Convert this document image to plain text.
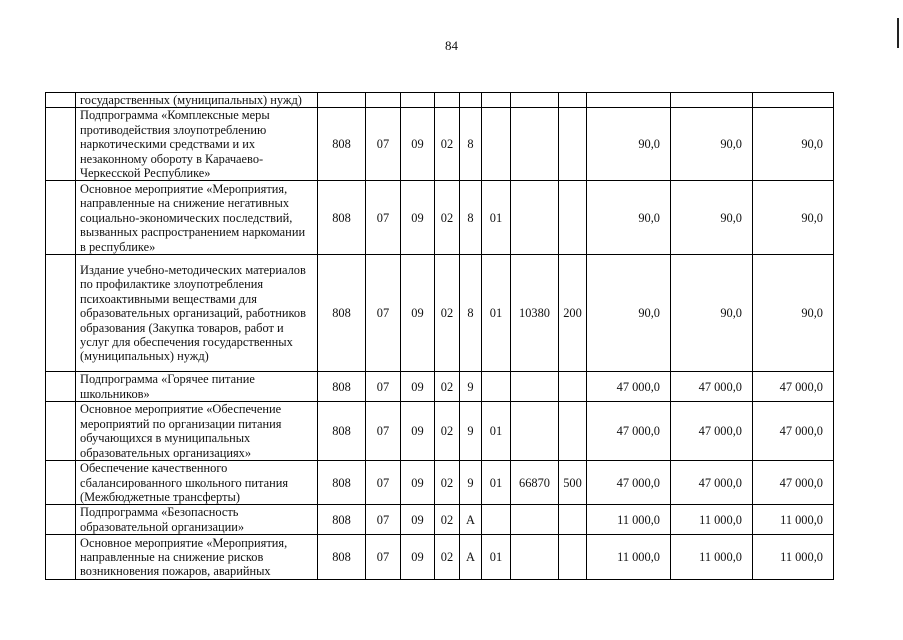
84
	государственных (муниципальных) нужд)											
	Подпрограмма «Комплексные меры противодействия злоупотреблению наркотическими средствами и их незаконному обороту в Карачаево-Черкесской Республике»	808	07	09	02	8				90,0	90,0	90,0
	Основное мероприятие «Мероприятия, направленные на снижение негативных социально-экономических последствий, вызванных распространением наркомании в республике»	808	07	09	02	8	01			90,0	90,0	90,0
	Издание учебно-методических материалов по профилактике злоупотребления психоактивными веществами для образовательных организаций, работников образования (Закупка товаров, работ и услуг для обеспечения государственных (муниципальных) нужд)	808	07	09	02	8	01	10380	200	90,0	90,0	90,0
	Подпрограмма «Горячее питание школьников»	808	07	09	02	9				47 000,0	47 000,0	47 000,0
	Основное мероприятие «Обеспечение мероприятий по организации питания обучающихся в муниципальных образовательных организациях»	808	07	09	02	9	01			47 000,0	47 000,0	47 000,0
	Обеспечение качественного сбалансированного школьного питания (Межбюджетные трансферты)	808	07	09	02	9	01	66870	500	47 000,0	47 000,0	47 000,0
	Подпрограмма «Безопасность образовательной организации»	808	07	09	02	А				11 000,0	11 000,0	11 000,0
	Основное мероприятие «Мероприятия, направленные на снижение рисков возникновения пожаров, аварийных	808	07	09	02	А	01			11 000,0	11 000,0	11 000,0
